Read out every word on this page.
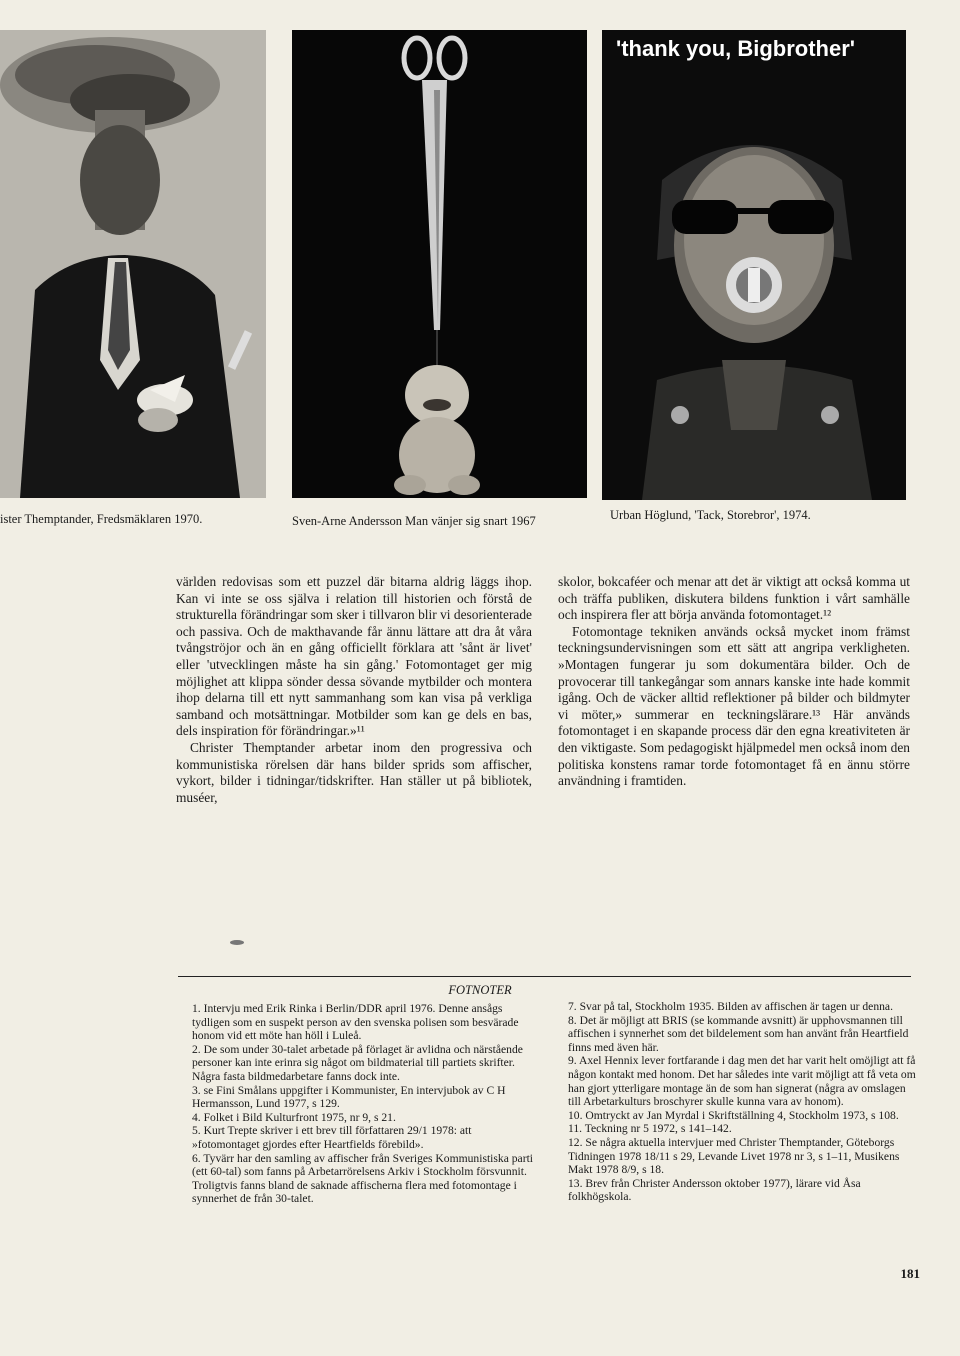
ister Themptander, Fredsmäklaren 1970.	Sven-Arne Andersson Man vänjer sig snart 1967
'thank you, Bigbrother'
Urban Höglund, 'Tack, Storebror', 1974.

världen redovisas som ett puzzel där bitarna aldrig läggs ihop. Kan vi inte se oss själva i relation till historien och förstå de strukturella förändringar som sker i tillvaron blir vi desorienterade och passiva. Och de makthavande får ännu lättare att dra åt våra tvångströjor och än en gång officiellt förklara att 'sånt är livet' eller 'utvecklingen måste ha sin gång.' Fotomontaget ger mig möjlighet att klippa sönder dessa sövande mytbilder och montera ihop delarna till ett nytt sammanhang som kan visa på verkliga samband och motsättningar. Motbilder som kan ge dels en bas, dels inspiration för förändringar.»¹¹

Christer Themptander arbetar inom den progressiva och kommunistiska rörelsen där hans bilder sprids som affischer, vykort, bilder i tidningar/tidskrifter. Han ställer ut på bibliotek, muséer,

skolor, bokcaféer och menar att det är viktigt att också komma ut och träffa publiken, diskutera bildens funktion i vårt samhälle och inspirera fler att börja använda fotomontaget.¹²

Fotomontage tekniken används också mycket inom främst teckningsundervisningen som ett sätt att angripa verkligheten. »Montagen fungerar ju som dokumentära bilder. Och de provocerar till tankegångar som annars kanske inte hade kommit igång. Och de väcker alltid reflektioner på bilder och bildmyter vi möter,» summerar en teckningslärare.¹³ Här används fotomontaget i en skapande process där den egna kreativiteten är den viktigaste. Som pedagogiskt hjälpmedel men också inom den politiska konstens ramar torde fotomontaget få en ännu större användning i framtiden.

FOTNOTER

1. Intervju med Erik Rinka i Berlin/DDR april 1976. Denne ansågs tydligen som en suspekt person av den svenska polisen som besvärade honom vid ett möte han höll i Luleå.

2. De som under 30-talet arbetade på förlaget är avlidna och närstående personer kan inte erinra sig något om bildmaterial till partiets skrifter. Några fasta bildmedarbetare fanns dock inte.

3. se Fini Smålans uppgifter i Kommunister, En intervjubok av C H Hermansson, Lund 1977, s 129.

4. Folket i Bild Kulturfront 1975, nr 9, s 21.

5. Kurt Trepte skriver i ett brev till författaren 29/1 1978: att »fotomontaget gjordes efter Heartfields förebild».

6. Tyvärr har den samling av affischer från Sveriges Kommunistiska parti (ett 60-tal) som fanns på Arbetarrörelsens Arkiv i Stockholm försvunnit. Troligtvis fanns bland de saknade affischerna flera med fotomontage i synnerhet de från 30-talet.

7. Svar på tal, Stockholm 1935. Bilden av affischen är tagen ur denna.

8. Det är möjligt att BRIS (se kommande avsnitt) är upphovsmannen till affischen i synnerhet som det bildelement som han använt från Heartfield finns med även här.

9. Axel Hennix lever fortfarande i dag men det har varit helt omöjligt att få någon kontakt med honom. Det har således inte varit möjligt att få veta om han gjort ytterligare montage än de som han signerat (några av omslagen till Arbetarkulturs broschyrer skulle kunna vara av honom).

10. Omtryckt av Jan Myrdal i Skriftställning 4, Stockholm 1973, s 108.

11. Teckning nr 5 1972, s 141–142.

12. Se några aktuella intervjuer med Christer Themptander, Göteborgs Tidningen 1978 18/11 s 29, Levande Livet 1978 nr 3, s 1–11, Musikens Makt 1978 8/9, s 18.

13. Brev från Christer Andersson oktober 1977), lärare vid Åsa folkhögskola.

181
